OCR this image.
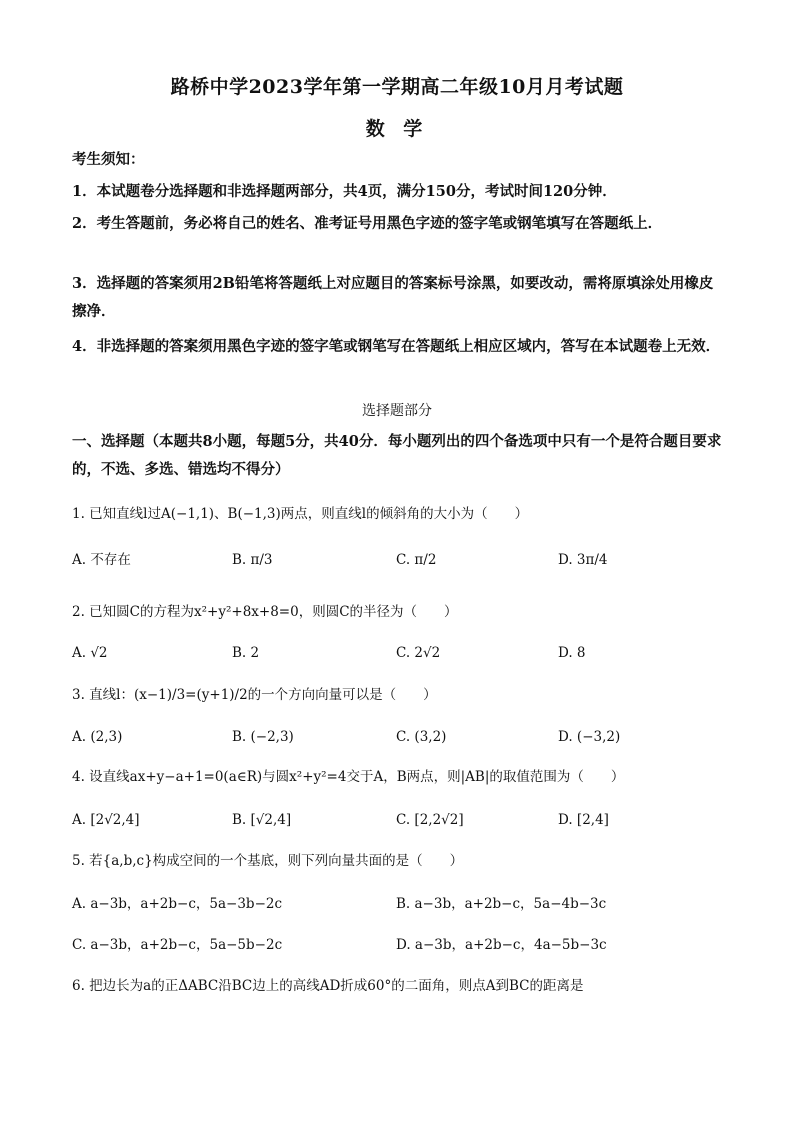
路桥中学2023学年第一学期高二年级10月月考试题
数 学
考生须知：
1．本试题卷分选择题和非选择题两部分，共4页，满分150分，考试时间120分钟．
2．考生答题前，务必将自己的姓名、准考证号用黑色字迹的签字笔或钢笔填写在答题纸上．
3．选择题的答案须用2B铅笔将答题纸上对应题目的答案标号涂黑，如要改动，需将原填涂处用橡皮擦净．
4．非选择题的答案须用黑色字迹的签字笔或钢笔写在答题纸上相应区域内，答写在本试题卷上无效．
选择题部分
一、选择题（本题共8小题，每题5分，共40分．每小题列出的四个备选项中只有一个是符合题目要求的，不选、多选、错选均不得分）
1. 已知直线l过A(−1,1)、B(−1,3)两点，则直线l的倾斜角的大小为（　　）
A. 不存在	B. π/3	C. π/2	D. 3π/4
2. 已知圆C的方程为x²+y²+8x+8=0，则圆C的半径为（　　）
A. √2	B. 2	C. 2√2	D. 8
3. 直线l：(x−1)/3=(y+1)/2的一个方向向量可以是（　　）
A. (2,3)	B. (−2,3)	C. (3,2)	D. (−3,2)
4. 设直线ax+y−a+1=0(a∈R)与圆x²+y²=4交于A，B两点，则|AB|的取值范围为（　　）
A. [2√2,4]	B. [√2,4]	C. [2,2√2]	D. [2,4]
5. 若{a,b,c}构成空间的一个基底，则下列向量共面的是（　　）
A. a−3b，a+2b−c，5a−3b−2c	B. a−3b，a+2b−c，5a−4b−3c
C. a−3b，a+2b−c，5a−5b−2c	D. a−3b，a+2b−c，4a−5b−3c
6. 把边长为a的正ΔABC沿BC边上的高线AD折成60°的二面角，则点A到BC的距离是
